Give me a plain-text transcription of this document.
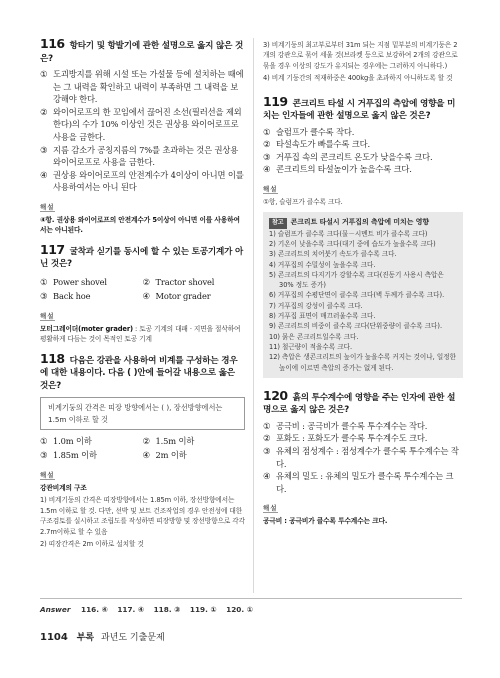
116 항타기 및 항발기에 관한 설명으로 옳지 않은 것은?
① 도괴방지를 위해 시설 또는 가설물 등에 설치하는 때에는 그 내력을 확인하고 내력이 부족하면 그 내력을 보강해야 한다.
② 와이어로프의 한 꼬임에서 끊어진 소선(필러선을 제외한다)의 수가 10% 이상인 것은 권상용 와이어로프로 사용을 금한다.
③ 지름 감소가 공칭지름의 7%를 초과하는 것은 권상용 와이어로프로 사용을 금한다.
④ 권상용 와이어로프의 안전계수가 4이상이 아니면 이를 사용하여서는 아니 된다
해설
④항. 권상용 와이어로프의 안전계수가 5이상이 아니면 이를 사용하여서는 아니된다.
117 굴착과 싣기를 동시에 할 수 있는 토공기계가 아닌 것은?
① Power shovel	② Tractor shovel
③ Back hoe	④ Motor grader
해설
모터그레이더(moter grader) : 토공 기계의 대패 · 지면을 절삭하여 평활하게 다듬는 것이 목적인 토공 기계
118 다음은 강관을 사용하여 비계를 구성하는 경우에 대한 내용이다. 다음 ( )안에 들어갈 내용으로 옳은 것은?
비계기둥의 간격은 띠장 방향에서는 ( ), 장선방향에서는 1.5m 이하로 할 것
① 1.0m 이하	② 1.5m 이하
③ 1.85m 이하	④ 2m 이하
해설
강관비계의 구조
1) 비계기둥의 간격은 띠장방향에서는 1.85m 이하, 장선방향에서는 1.5m 이하로 할 것. 다만, 선박 및 보트 건조작업의 경우 안전성에 대한 구조검토를 실시하고 조립도를 작성하면 띠장방향 및 장선방향으로 각각 2.7m이하로 할 수 있음
2) 띠장간격은 2m 이하로 설치할 것
3) 비계기둥의 최고부로부터 31m 되는 지점 밑부분의 비계기둥은 2개의 강관으로 묶어 세울 것(브라켓 등으로 보강하여 2개의 강관으로 묶을 경우 이상의 강도가 유지되는 경우에는 그러하지 아니하다.)
4) 비계 기둥간의 적재하중은 400kg을 초과하지 아니하도록 할 것
119 콘크리트 타설 시 거푸집의 측압에 영향을 미치는 인자들에 관한 설명으로 옳지 않은 것은?
① 슬럼프가 클수록 작다.
② 타설속도가 빠를수록 크다.
③ 거푸집 속의 콘크리트 온도가 낮을수록 크다.
④ 콘크리트의 타설높이가 높을수록 크다.
해설
①항, 슬럼프가 클수록 크다.
참고 콘크리트 타설시 거푸집의 측압에 미치는 영향
1) 슬럼프가 클수록 크다(물－시멘트 비가 클수록 크다)
2) 기온이 낮을수록 크다(대기 중에 습도가 높을수록 크다)
3) 콘크리트의 치어붓기 속도가 클수록 크다.
4) 거푸집의 수밀성이 높을수록 크다.
5) 콘크리트의 다지기가 강할수록 크다(진동기 사용시 측압은 30% 정도 증가)
6) 거푸집의 수평단면이 클수록 크다(벽 두께가 클수록 크다).
7) 거푸집의 강성이 클수록 크다.
8) 거푸집 표면이 매끄러울수록 크다.
9) 콘크리트의 비중이 클수록 크다(단위중량이 클수록 크다).
10) 묽은 콘크리트일수록 크다.
11) 철근량이 적을수록 크다.
12) 측압은 생콘크리트의 높이가 높을수록 커지는 것이나, 일정한 높이에 이르면 측압의 증가는 없게 된다.
120 흙의 투수계수에 영향을 주는 인자에 관한 설명으로 옳지 않은 것은?
① 공극비 : 공극비가 클수록 투수계수는 작다.
② 포화도 : 포화도가 클수록 투수계수도 크다.
③ 유체의 점성계수 : 점성계수가 클수록 투수계수는 작다.
④ 유체의 밀도 : 유체의 밀도가 클수록 투수계수는 크다.
해설
공극비 : 공극비가 클수록 투수계수는 크다.
Answer 116. ④ 117. ④ 118. ③ 119. ① 120. ①
1104 부록 과년도 기출문제
